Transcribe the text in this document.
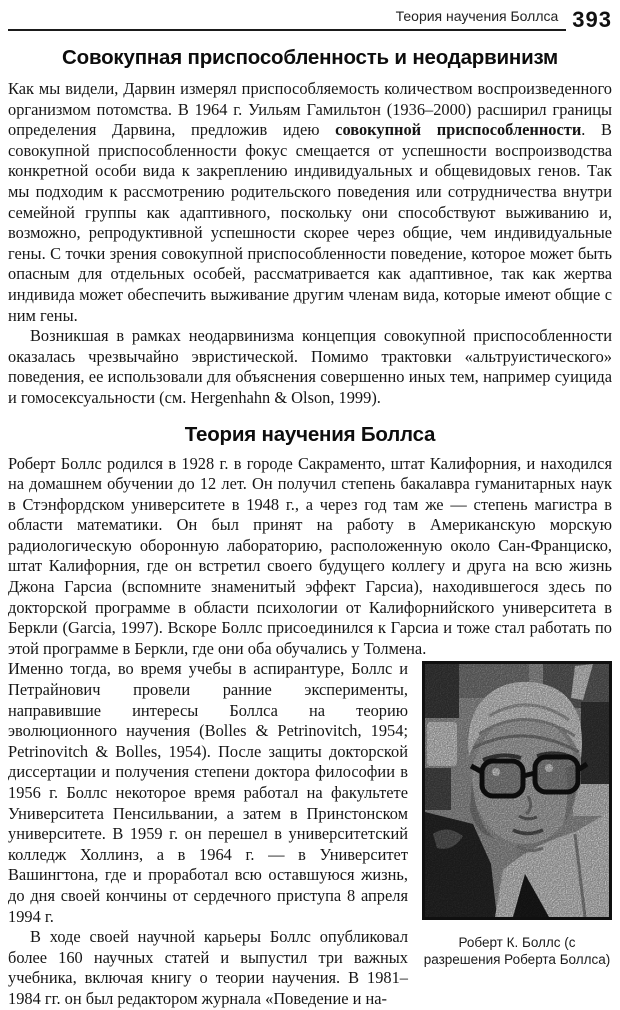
Теория научения Боллса 393
Совокупная приспособленность и неодарвинизм

Как мы видели, Дарвин измерял приспособляемость количеством воспроизведенного организмом потомства. В 1964 г. Уильям Гамильтон (1936–2000) расширил границы определения Дарвина, предложив идею совокупной приспособленности. В совокупной приспособленности фокус смещается от успешности воспроизводства конкретной особи вида к закреплению индивидуальных и общевидовых генов. Так мы подходим к рассмотрению родительского поведения или сотрудничества внутри семейной группы как адаптивного, поскольку они способствуют выживанию и, возможно, репродуктивной успешности скорее через общие, чем индивидуальные гены. С точки зрения совокупной приспособленности поведение, которое может быть опасным для отдельных особей, рассматривается как адаптивное, так как жертва индивида может обеспечить выживание другим членам вида, которые имеют общие с ним гены.

Возникшая в рамках неодарвинизма концепция совокупной приспособленности оказалась чрезвычайно эвристической. Помимо трактовки «альтруистического» поведения, ее использовали для объяснения совершенно иных тем, например суицида и гомосексуальности (см. Hergenhahn & Olson, 1999).

Теория научения Боллса

Роберт Боллс родился в 1928 г. в городе Сакраменто, штат Калифорния, и находился на домашнем обучении до 12 лет. Он получил степень бакалавра гуманитарных наук в Стэнфордском университете в 1948 г., а через год там же — степень магистра в области математики. Он был принят на работу в Американскую морскую радиологическую оборонную лабораторию, расположенную около Сан-Франциско, штат Калифорния, где он встретил своего будущего коллегу и друга на всю жизнь Джона Гарсиа (вспомните знаменитый эффект Гарсиа), находившегося здесь по докторской программе в области психологии от Калифорнийского университета в Беркли (Garcia, 1997). Вскоре Боллс присоединился к Гарсиа и тоже стал работать по этой программе в Беркли, где они оба обучались у Толмена.

Роберт К. Боллс (с разрешения Роберта Боллса)

Именно тогда, во время учебы в аспирантуре, Боллс и Петрайнович провели ранние эксперименты, направившие интересы Боллса на теорию эволюционного научения (Bolles & Petrinovitch, 1954; Petrinovitch & Bolles, 1954). После защиты докторской диссертации и получения степени доктора философии в 1956 г. Боллс некоторое время работал на факультете Университета Пенсильвании, а затем в Принстонском университете. В 1959 г. он перешел в университетский колледж Холлинз, а в 1964 г. — в Университет Вашингтона, где и проработал всю оставшуюся жизнь, до дня своей кончины от сердечного приступа 8 апреля 1994 г.

В ходе своей научной карьеры Боллс опубликовал более 160 научных статей и выпустил три важных учебника, включая книгу о теории научения. В 1981–1984 гг. он был редактором журнала «Поведение и на-
